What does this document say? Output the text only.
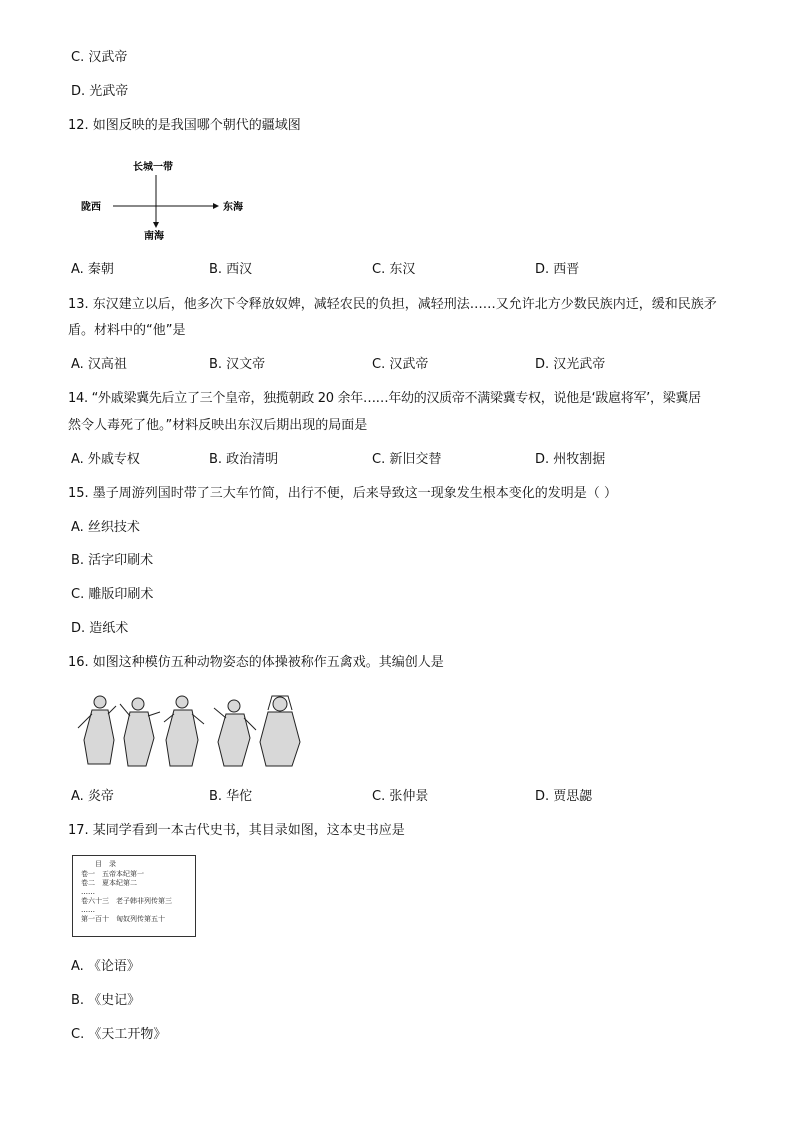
C. 汉武帝
D. 光武帝
12. 如图反映的是我国哪个朝代的疆域图
长城一带
陇西	东海
南海
A. 秦朝	B. 西汉	C. 东汉	D. 西晋
13. 东汉建立以后，他多次下令释放奴婢，减轻农民的负担，减轻刑法……又允许北方少数民族内迁，缓和民族矛
盾。材料中的“他”是
A. 汉高祖	B. 汉文帝	C. 汉武帝	D. 汉光武帝
14. “外戚梁冀先后立了三个皇帝，独揽朝政 20 余年……年幼的汉质帝不满梁冀专权，说他是‘跋扈将军’，梁冀居
然令人毒死了他。”材料反映出东汉后期出现的局面是
A. 外戚专权	B. 政治清明	C. 新旧交替	D. 州牧割据
15. 墨子周游列国时带了三大车竹简，出行不便，后来导致这一现象发生根本变化的发明是（ ）
A. 丝织技术
B. 活字印刷术
C. 雕版印刷术
D. 造纸术
16. 如图这种模仿五种动物姿态的体操被称作五禽戏。其编创人是
A. 炎帝	B. 华佗	C. 张仲景	D. 贾思勰
17. 某同学看到一本古代史书，其目录如图，这本史书应是
目　录
卷一　五帝本纪第一
卷二　夏本纪第二
……
卷六十三　老子韩非列传第三
……
第一百十　匈奴列传第五十
A. 《论语》
B. 《史记》
C. 《天工开物》
